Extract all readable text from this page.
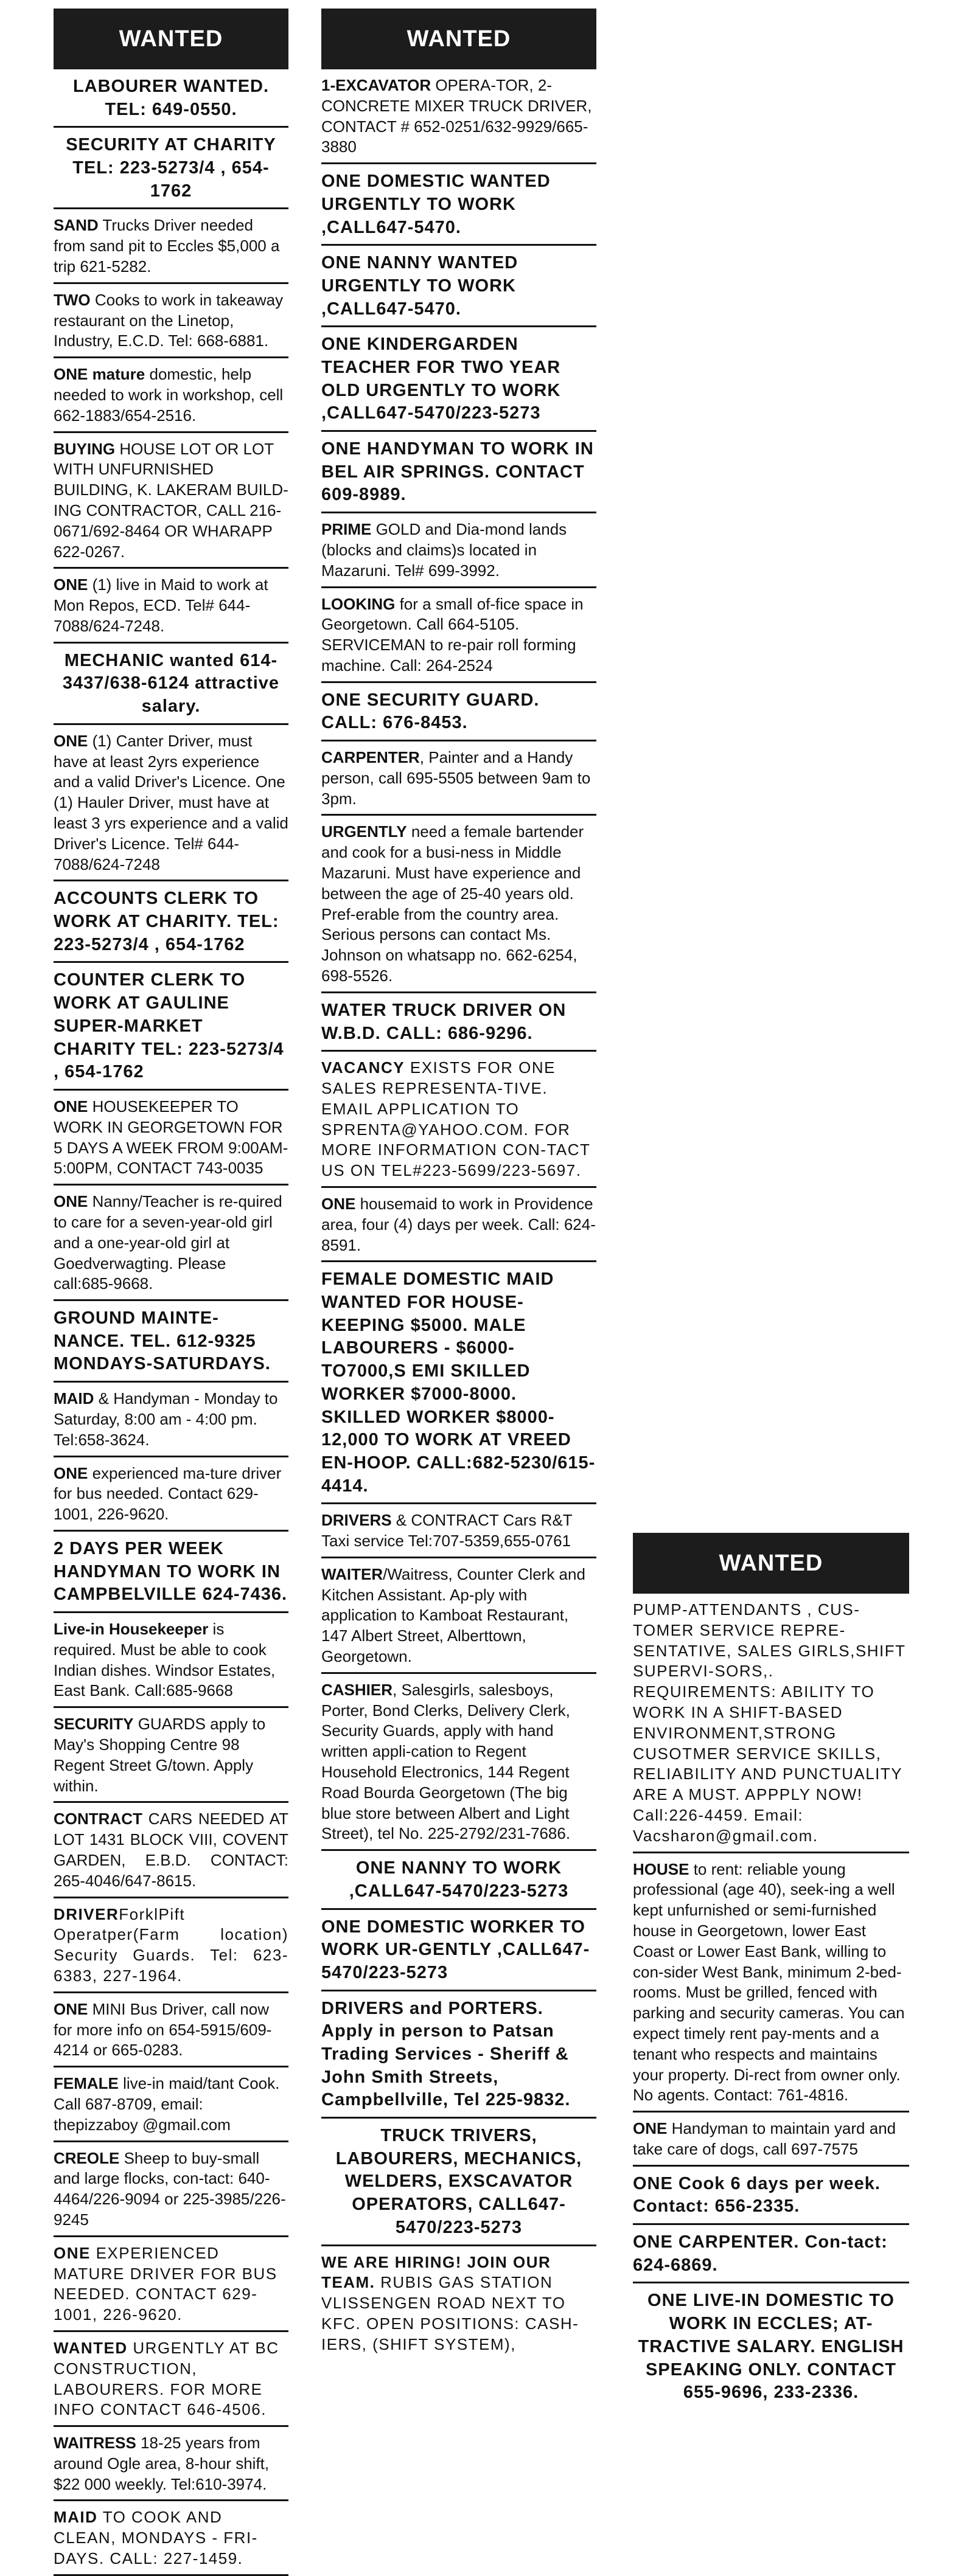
WANTED
LABOURER WANTED. TEL: 649-0550.
SECURITY AT CHARITY TEL: 223-5273/4 , 654-1762
SAND Trucks Driver needed from sand pit to Eccles $5,000 a trip 621-5282.
TWO Cooks to work in takeaway restaurant on the Linetop, Industry, E.C.D. Tel: 668-6881.
ONE mature domestic, help needed to work in workshop, cell 662-1883/654-2516.
BUYING HOUSE LOT OR LOT WITH UNFURNISHED BUILDING, K. LAKERAM BUILD-ING CONTRACTOR, CALL 216-0671/692-8464 OR WHARAPP 622-0267.
ONE (1) live in Maid to work at Mon Repos, ECD. Tel# 644-7088/624-7248.
MECHANIC wanted 614-3437/638-6124 attractive salary.
ONE (1) Canter Driver, must have at least 2yrs experience and a valid Driver's Licence. One (1) Hauler Driver, must have at least 3 yrs experience and a valid Driver's Licence. Tel# 644-7088/624-7248
ACCOUNTS CLERK TO WORK AT CHARITY. TEL: 223-5273/4 , 654-1762
COUNTER CLERK TO WORK AT GAULINE SUPER-MARKET CHARITY TEL: 223-5273/4 , 654-1762
ONE HOUSEKEEPER TO WORK IN GEORGETOWN FOR 5 DAYS A WEEK FROM 9:00AM-5:00PM, CONTACT 743-0035
ONE Nanny/Teacher is re-quired to care for a seven-year-old girl and a one-year-old girl at Goedverwagting. Please call:685-9668.
GROUND MAINTE-NANCE. TEL. 612-9325 MONDAYS-SATURDAYS.
MAID & Handyman - Monday to Saturday, 8:00 am - 4:00 pm. Tel:658-3624.
ONE experienced ma-ture driver for bus needed. Contact 629-1001, 226-9620.
2 DAYS PER WEEK HANDYMAN TO WORK IN CAMPBELVILLE 624-7436.
Live-in Housekeeper is required. Must be able to cook Indian dishes. Windsor Estates, East Bank. Call:685-9668
SECURITY GUARDS apply to May's Shopping Centre 98 Regent Street G/town. Apply within.
CONTRACT CARS NEEDED AT LOT 1431 BLOCK VIII, COVENT GARDEN, E.B.D. CONTACT: 265-4046/647-8615.
DRIVERForklPift Operatper(Farm location) Security Guards. Tel: 623-6383, 227-1964.
ONE MINI Bus Driver, call now for more info on 654-5915/609-4214 or 665-0283.
FEMALE live-in maid/tant Cook. Call 687-8709, email: thepizzaboy @gmail.com
CREOLE Sheep to buy-small and large flocks, con-tact: 640-4464/226-9094 or 225-3985/226-9245
ONE EXPERIENCED MATURE DRIVER FOR BUS NEEDED. CONTACT 629-1001, 226-9620.
WANTED URGENTLY AT BC CONSTRUCTION, LABOURERS. FOR MORE INFO CONTACT 646-4506.
WAITRESS 18-25 years from around Ogle area, 8-hour shift, $22 000 weekly. Tel:610-3974.
MAID TO COOK AND CLEAN, MONDAYS - FRI-DAYS. CALL: 227-1459.
WANTED
1-EXCAVATOR OPERA-TOR, 2- CONCRETE MIXER TRUCK DRIVER, CONTACT # 652-0251/632-9929/665-3880
ONE DOMESTIC WANTED URGENTLY TO WORK ,CALL647-5470.
ONE NANNY WANTED URGENTLY TO WORK ,CALL647-5470.
ONE KINDERGARDEN TEACHER FOR TWO YEAR OLD URGENTLY TO WORK ,CALL647-5470/223-5273
ONE HANDYMAN TO WORK IN BEL AIR SPRINGS. CONTACT 609-8989.
PRIME GOLD and Dia-mond lands (blocks and claims)s located in Mazaruni. Tel# 699-3992.
LOOKING for a small of-fice space in Georgetown. Call 664-5105. SERVICEMAN to re-pair roll forming machine. Call: 264-2524
ONE SECURITY GUARD. CALL: 676-8453.
CARPENTER, Painter and a Handy person, call 695-5505 between 9am to 3pm.
URGENTLY need a female bartender and cook for a busi-ness in Middle Mazaruni. Must have experience and between the age of 25-40 years old. Pref-erable from the country area. Serious persons can contact Ms. Johnson on whatsapp no. 662-6254, 698-5526.
WATER TRUCK DRIVER ON W.B.D. CALL: 686-9296.
VACANCY EXISTS FOR ONE SALES REPRESENTA-TIVE. EMAIL APPLICATION TO SPRENTA@YAHOO.COM. FOR MORE INFORMATION CON-TACT US ON TEL#223-5699/223-5697.
ONE housemaid to work in Providence area, four (4) days per week. Call: 624-8591.
FEMALE DOMESTIC MAID WANTED FOR HOUSE-KEEPING $5000. MALE LABOURERS - $6000-TO7000,S EMI SKILLED WORKER $7000-8000. SKILLED WORKER $8000-12,000 TO WORK AT VREED EN-HOOP. CALL:682-5230/615-4414.
DRIVERS & CONTRACT Cars R&T Taxi service Tel:707-5359,655-0761
WAITER/Waitress, Counter Clerk and Kitchen Assistant. Ap-ply with application to Kamboat Restaurant, 147 Albert Street, Alberttown, Georgetown.
CASHIER, Salesgirls, salesboys, Porter, Bond Clerks, Delivery Clerk, Security Guards, apply with hand written appli-cation to Regent Household Electronics, 144 Regent Road Bourda Georgetown (The big blue store between Albert and Light Street), tel No. 225-2792/231-7686.
ONE NANNY TO WORK ,CALL647-5470/223-5273
ONE DOMESTIC WORKER TO WORK UR-GENTLY ,CALL647-5470/223-5273
DRIVERS and PORTERS. Apply in person to Patsan Trading Services - Sheriff & John Smith Streets, Campbellville, Tel 225-9832.
TRUCK TRIVERS, LABOURERS, MECHANICS, WELDERS, EXSCAVATOR OPERATORS, CALL647-5470/223-5273
WE ARE HIRING! JOIN OUR TEAM. RUBIS GAS STATION VLISSENGEN ROAD NEXT TO KFC. OPEN POSITIONS: CASH-IERS, (SHIFT SYSTEM),
WANTED
PUMP-ATTENDANTS , CUS-TOMER SERVICE REPRE-SENTATIVE, SALES GIRLS,SHIFT SUPERVI-SORS,. REQUIREMENTS: ABILITY TO WORK IN A SHIFT-BASED ENVIRONMENT,STRONG CUSOTMER SERVICE SKILLS, RELIABILITY AND PUNCTUALITY ARE A MUST. APPPLY NOW! Call:226-4459. Email: Vacsharon@gmail.com.
HOUSE to rent: reliable young professional (age 40), seek-ing a well kept unfurnished or semi-furnished house in Georgetown, lower East Coast or Lower East Bank, willing to con-sider West Bank, minimum 2-bed-rooms. Must be grilled, fenced with parking and security cameras. You can expect timely rent pay-ments and a tenant who respects and maintains your property. Di-rect from owner only. No agents. Contact: 761-4816.
ONE Handyman to maintain yard and take care of dogs, call 697-7575
ONE Cook 6 days per week. Contact: 656-2335.
ONE CARPENTER. Con-tact: 624-6869.
ONE LIVE-IN DOMESTIC TO WORK IN ECCLES; AT-TRACTIVE SALARY. ENGLISH SPEAKING ONLY. CONTACT 655-9696, 233-2336.
